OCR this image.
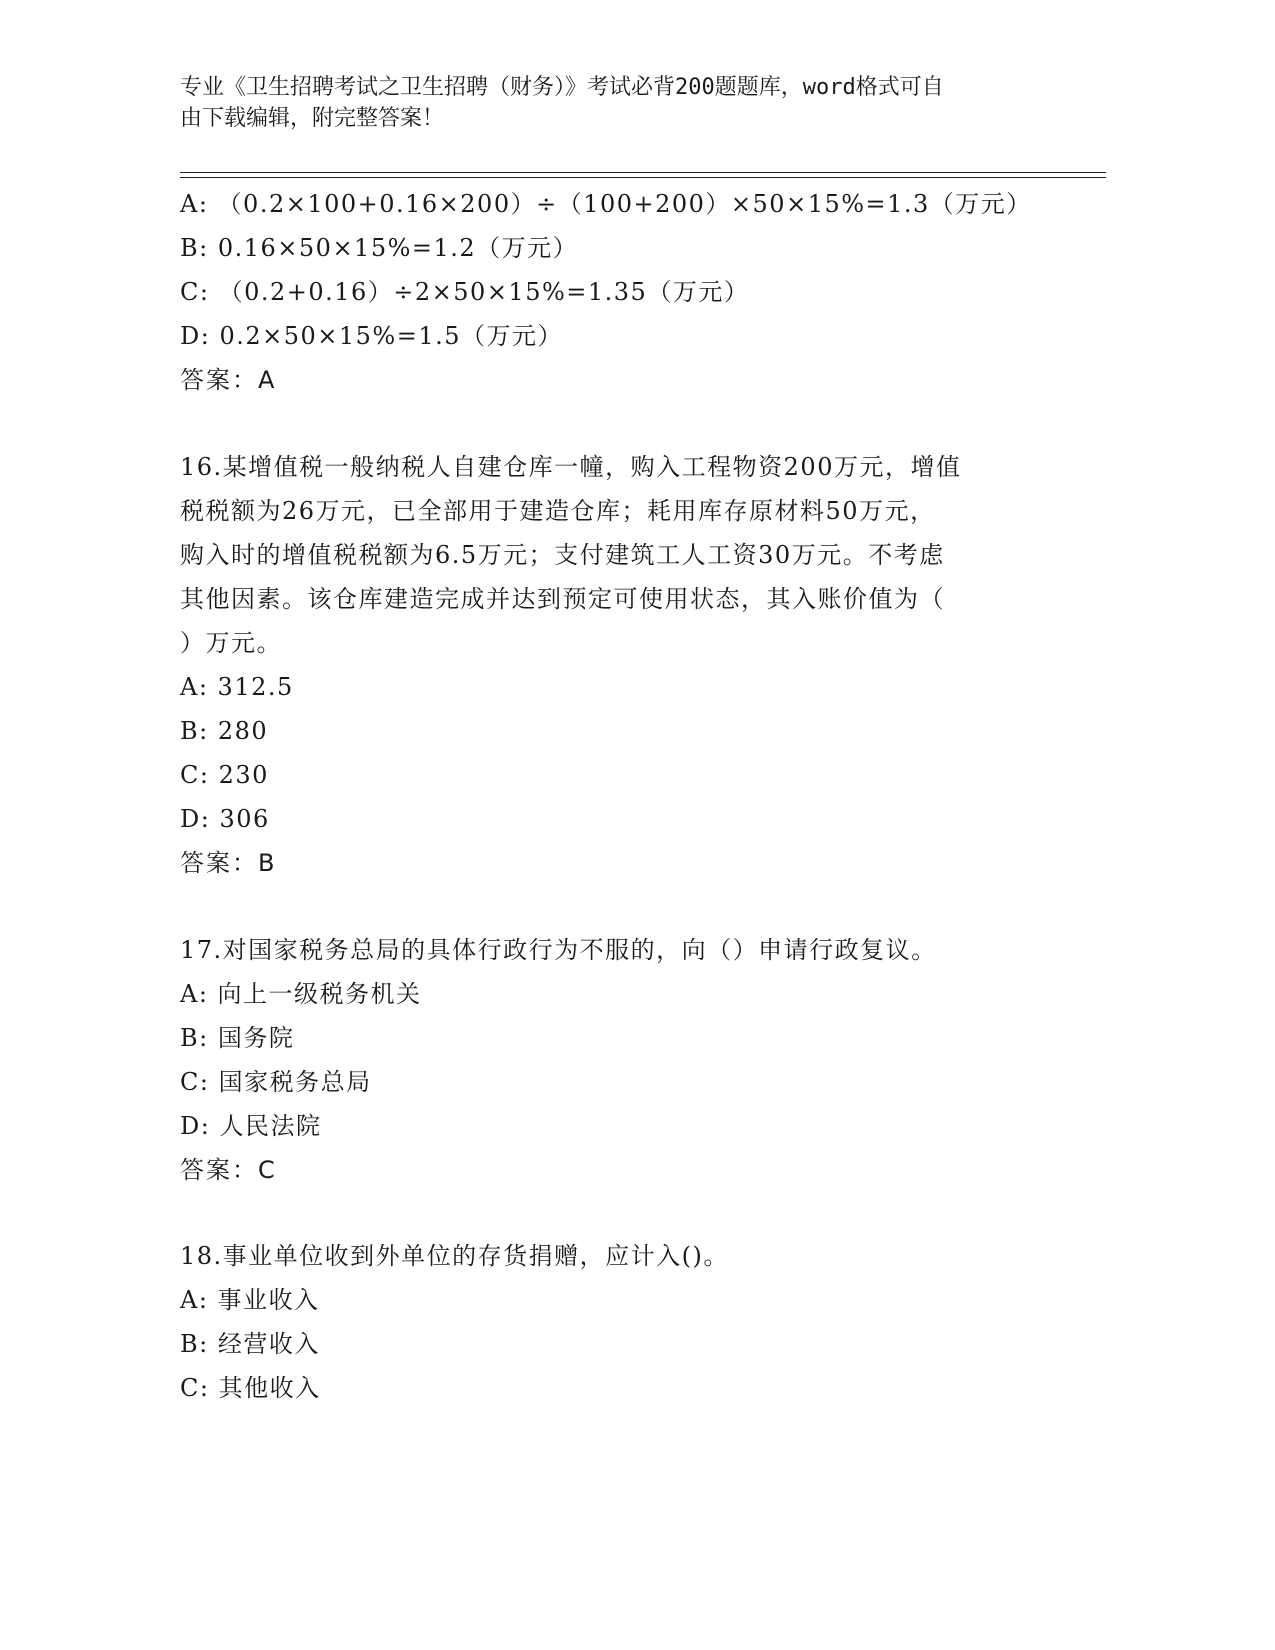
专业《卫生招聘考试之卫生招聘（财务）》考试必背200题题库，word格式可自
由下载编辑，附完整答案！
A: （0.2×100+0.16×200）÷（100+200）×50×15%=1.3（万元）
B: 0.16×50×15%=1.2（万元）
C: （0.2+0.16）÷2×50×15%=1.35（万元）
D: 0.2×50×15%=1.5（万元）
答案：A
16.某增值税一般纳税人自建仓库一幢，购入工程物资200万元，增值
税税额为26万元，已全部用于建造仓库；耗用库存原材料50万元，
购入时的增值税税额为6.5万元；支付建筑工人工资30万元。不考虑
其他因素。该仓库建造完成并达到预定可使用状态，其入账价值为（
）万元。
A: 312.5
B: 280
C: 230
D: 306
答案：B
17.对国家税务总局的具体行政行为不服的，向（）申请行政复议。
A: 向上一级税务机关
B: 国务院
C: 国家税务总局
D: 人民法院
答案：C
18.事业单位收到外单位的存货捐赠，应计入()。
A: 事业收入
B: 经营收入
C: 其他收入
